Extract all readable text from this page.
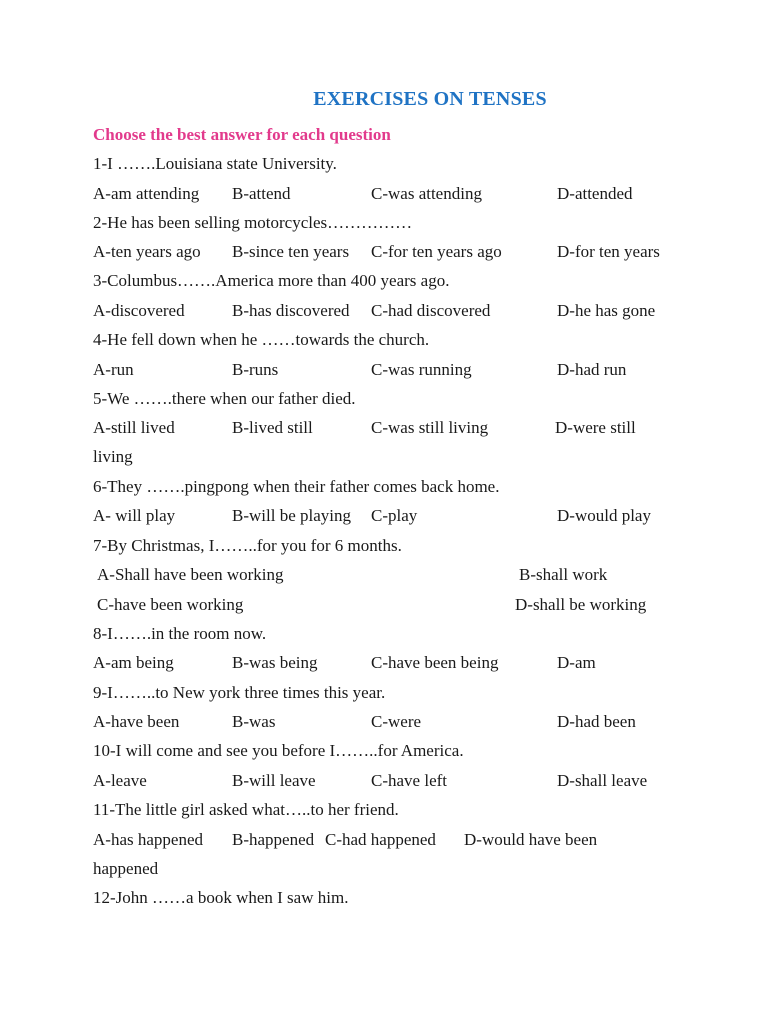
EXERCISES ON TENSES
Choose the best answer for each question
1-I …….Louisiana state University.
A-am attending B-attend	C-was attending	D-attended
2-He has been selling motorcycles……………
A-ten years ago B-since ten years C-for ten years ago	D-for ten years
3-Columbus…….America more than 400 years ago.
A-discovered	B-has discovered C-had discovered	D-he has gone
4-He fell down when he ……towards the church.
A-run	B-runs	C-was running	D-had run
5-We …….there when our father died.
A-still lived	B-lived still	C-was still living	D-were still
living
6-They …….pingpong when their father comes back home.
A- will play	B-will be playing C-play	D-would play
7-By Christmas, I……..for you for 6 months.
A-Shall have been working	B-shall work
C-have been working	D-shall be working
8-I…….in the room now.
A-am being	B-was being	C-have been being	D-am
9-I……..to New york three times this year.
A-have been	B-was	C-were	D-had been
10-I will come and see you before I……..for America.
A-leave	B-will leave	C-have left	D-shall leave
11-The little girl asked what…..to her friend.
A-has happened B-happened C-had happened D-would have been
happened
12-John ……a book when I saw him.
